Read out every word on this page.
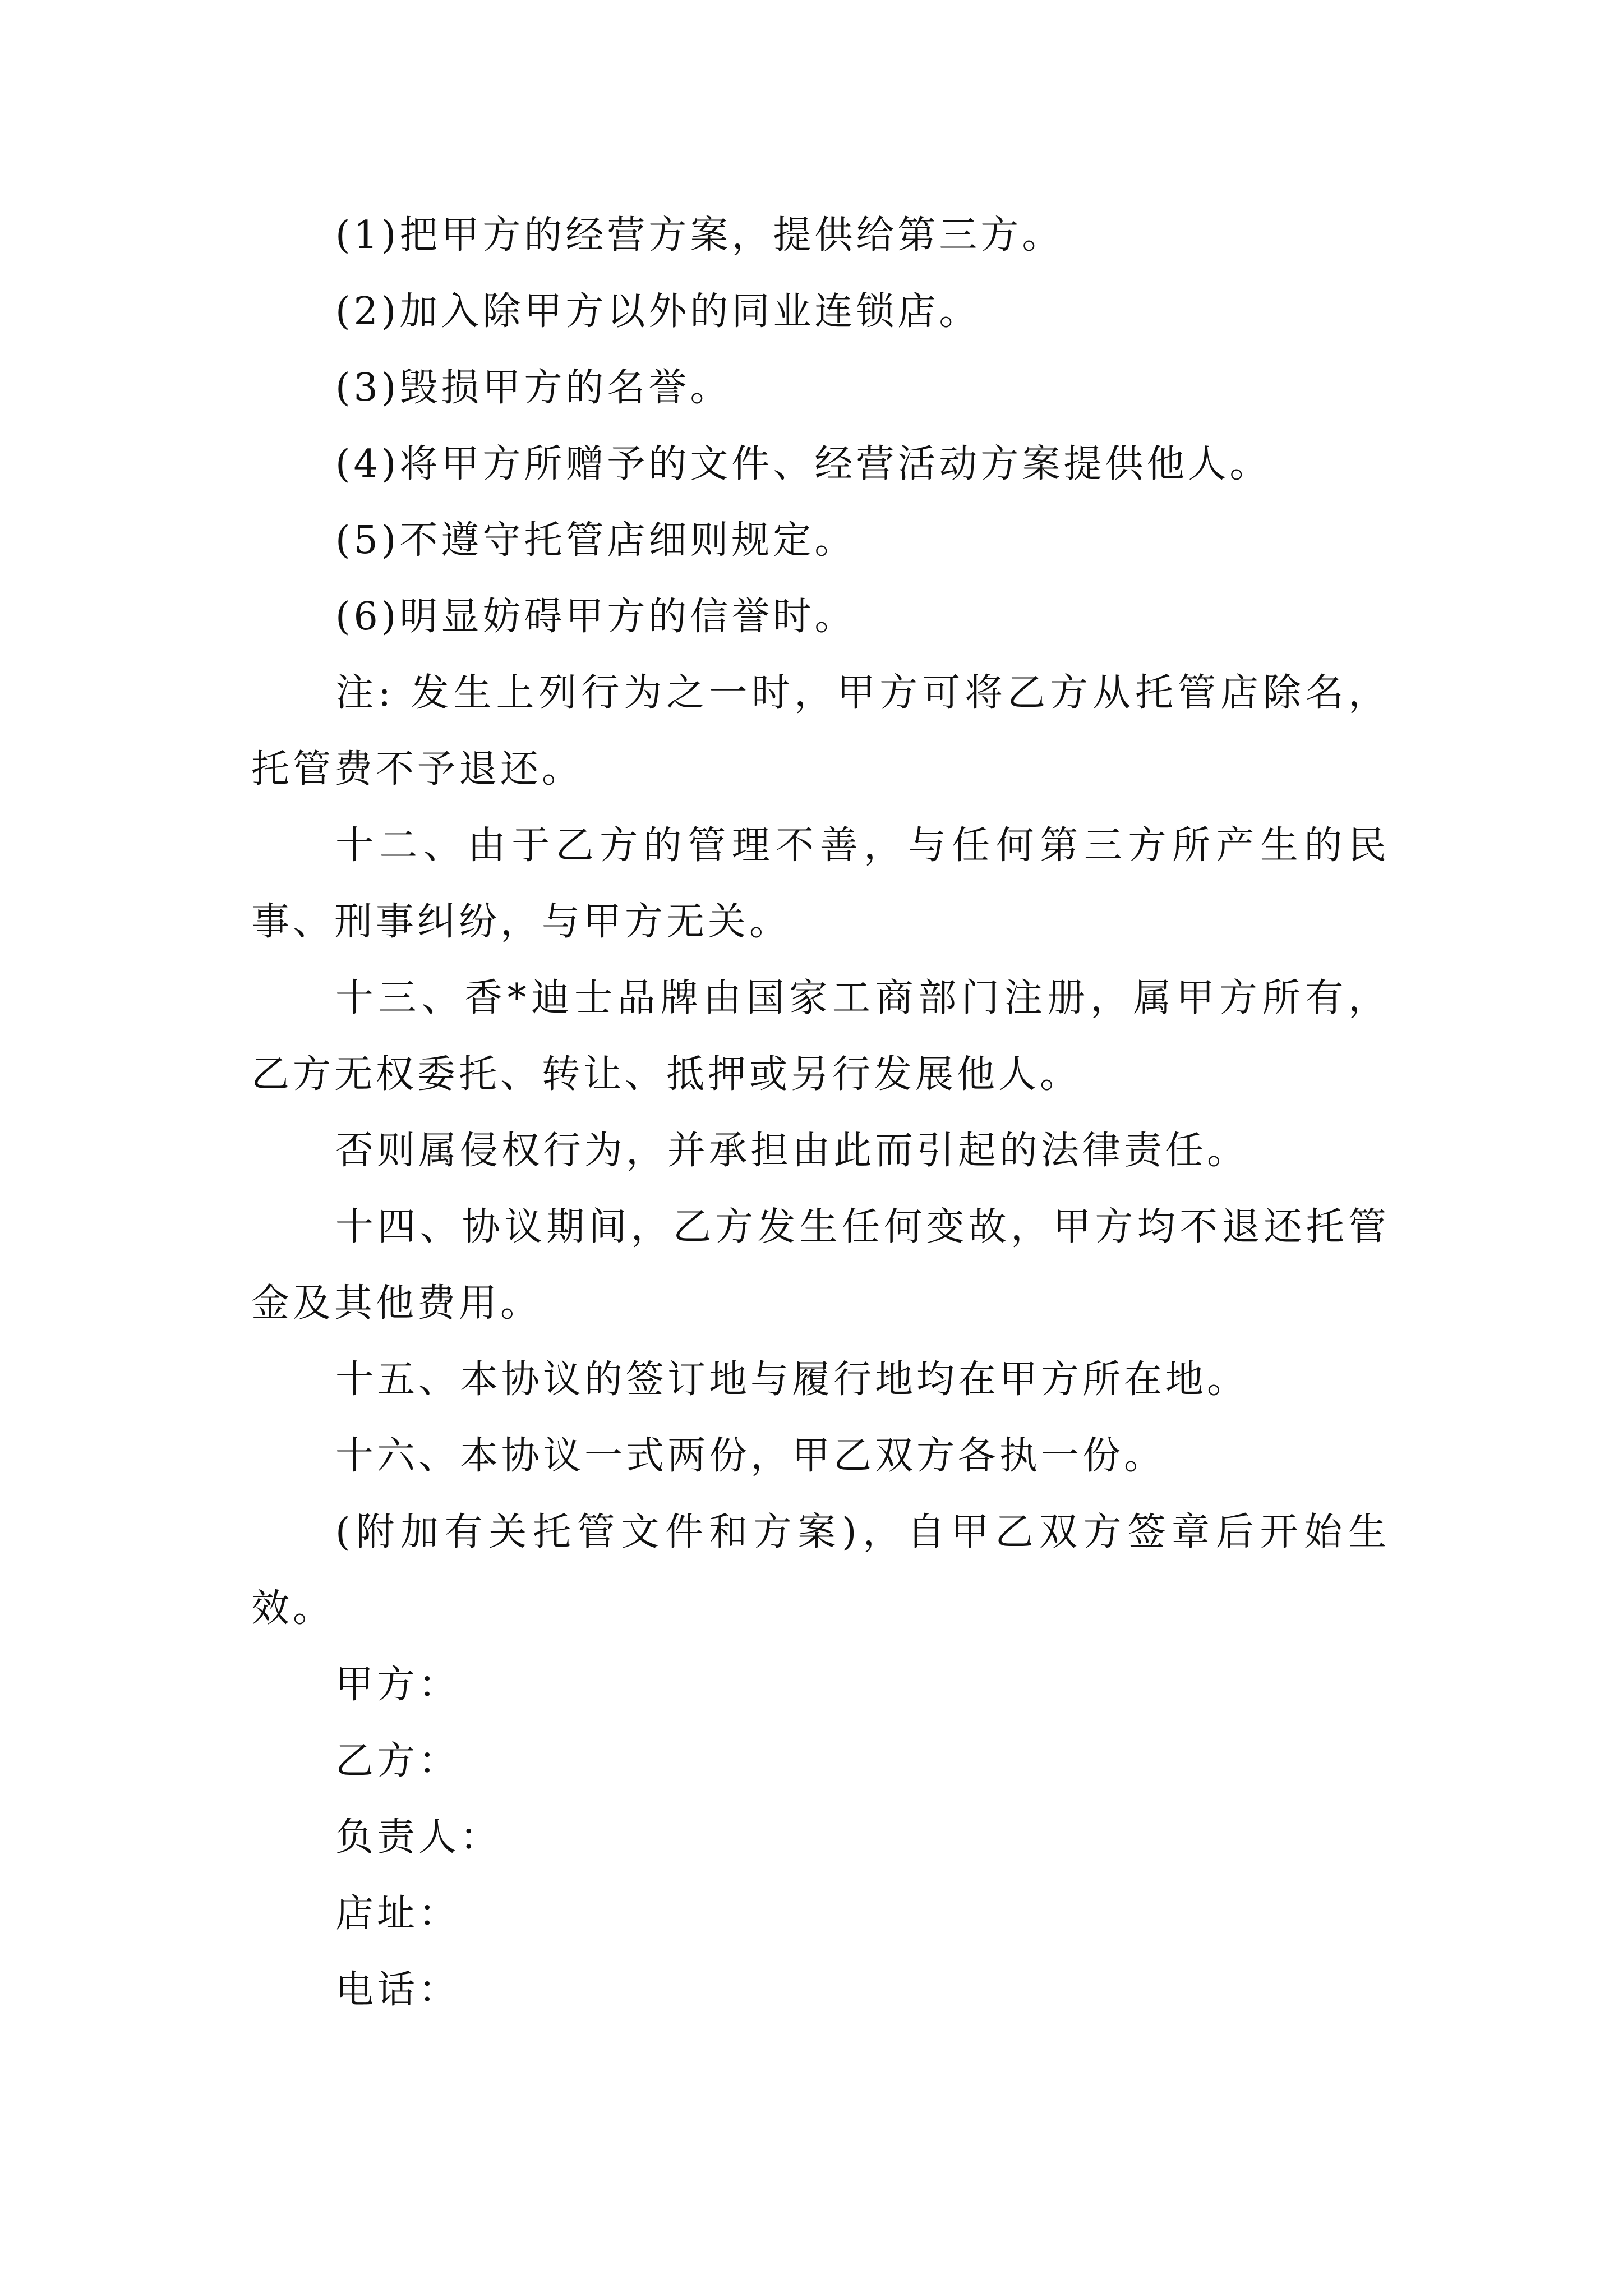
(1)把甲方的经营方案，提供给第三方。

(2)加入除甲方以外的同业连锁店。

(3)毁损甲方的名誉。

(4)将甲方所赠予的文件、经营活动方案提供他人。

(5)不遵守托管店细则规定。

(6)明显妨碍甲方的信誉时。

注: 发生上列行为之一时，甲方可将乙方从托管店除名，托管费不予退还。

十二、由于乙方的管理不善，与任何第三方所产生的民事、刑事纠纷，与甲方无关。

十三、香*迪士品牌由国家工商部门注册，属甲方所有，乙方无权委托、转让、抵押或另行发展他人。

否则属侵权行为，并承担由此而引起的法律责任。

十四、协议期间，乙方发生任何变故，甲方均不退还托管金及其他费用。

十五、本协议的签订地与履行地均在甲方所在地。

十六、本协议一式两份，甲乙双方各执一份。

(附加有关托管文件和方案)，自甲乙双方签章后开始生效。

甲方：

乙方：

负责人：

店址：

电话：
